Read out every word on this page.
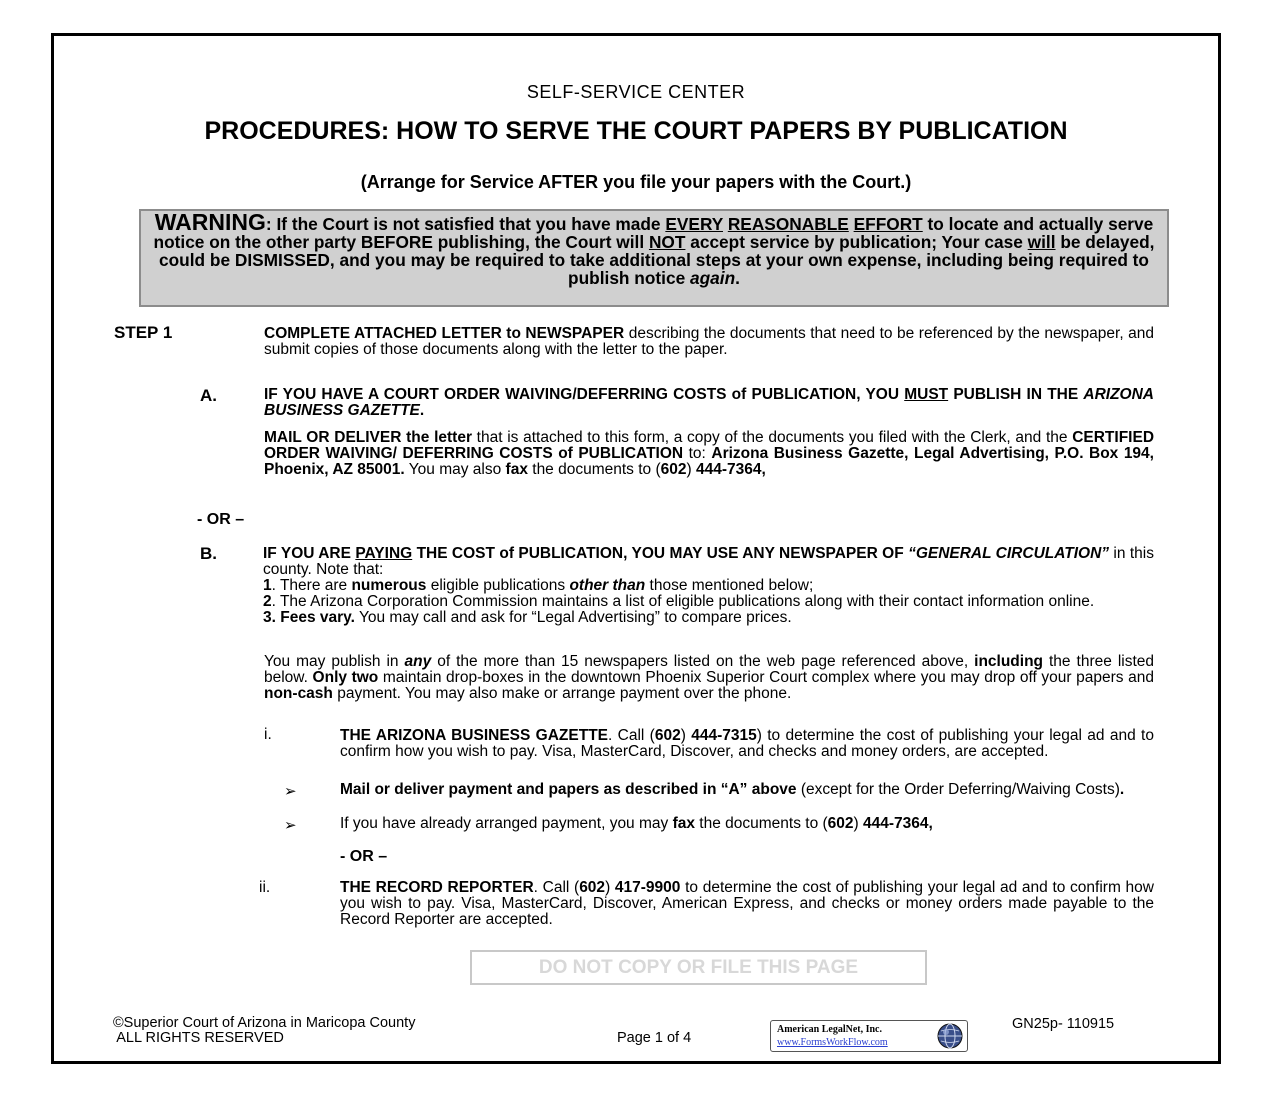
SELF-SERVICE CENTER
PROCEDURES: HOW TO SERVE THE COURT PAPERS BY PUBLICATION
(Arrange for Service AFTER you file your papers with the Court.)
WARNING: If the Court is not satisfied that you have made EVERY REASONABLE EFFORT to locate and actually serve notice on the other party BEFORE publishing, the Court will NOT accept service by publication; Your case will be delayed, could be DISMISSED, and you may be required to take additional steps at your own expense, including being required to publish notice again.
STEP 1	COMPLETE ATTACHED LETTER to NEWSPAPER describing the documents that need to be referenced by the newspaper, and submit copies of those documents along with the letter to the paper.

A.	IF YOU HAVE A COURT ORDER WAIVING/DEFERRING COSTS of PUBLICATION, YOU MUST PUBLISH IN THE ARIZONA BUSINESS GAZETTE.

MAIL OR DELIVER the letter that is attached to this form, a copy of the documents you filed with the Clerk, and the CERTIFIED ORDER WAIVING/ DEFERRING COSTS of PUBLICATION to: Arizona Business Gazette, Legal Advertising, P.O. Box 194, Phoenix, AZ 85001. You may also fax the documents to (602) 444-7364,

- OR –
B.	IF YOU ARE PAYING THE COST of PUBLICATION, YOU MAY USE ANY NEWSPAPER OF “GENERAL CIRCULATION” in this county. Note that:

1. There are numerous eligible publications other than those mentioned below;

2. The Arizona Corporation Commission maintains a list of eligible publications along with their contact information online.

3. Fees vary. You may call and ask for “Legal Advertising” to compare prices.

You may publish in any of the more than 15 newspapers listed on the web page referenced above, including the three listed below. Only two maintain drop-boxes in the downtown Phoenix Superior Court complex where you may drop off your papers and non-cash payment. You may also make or arrange payment over the phone.

i.	THE ARIZONA BUSINESS GAZETTE. Call (602) 444-7315) to determine the cost of publishing your legal ad and to confirm how you wish to pay. Visa, MasterCard, Discover, and checks and money orders, are accepted.

➢	Mail or deliver payment and papers as described in “A” above (except for the Order Deferring/Waiving Costs).

➢	If you have already arranged payment, you may fax the documents to (602) 444-7364,

- OR –
ii.	THE RECORD REPORTER. Call (602) 417-9900 to determine the cost of publishing your legal ad and to confirm how you wish to pay. Visa, MasterCard, Discover, American Express, and checks or money orders made payable to the Record Reporter are accepted.

DO NOT COPY OR FILE THIS PAGE
©Superior Court of Arizona in Maricopa County
ALL RIGHTS RESERVED	Page 1 of 4
GN25p- 110915
American LegalNet, Inc.
www.FormsWorkFlow.com
